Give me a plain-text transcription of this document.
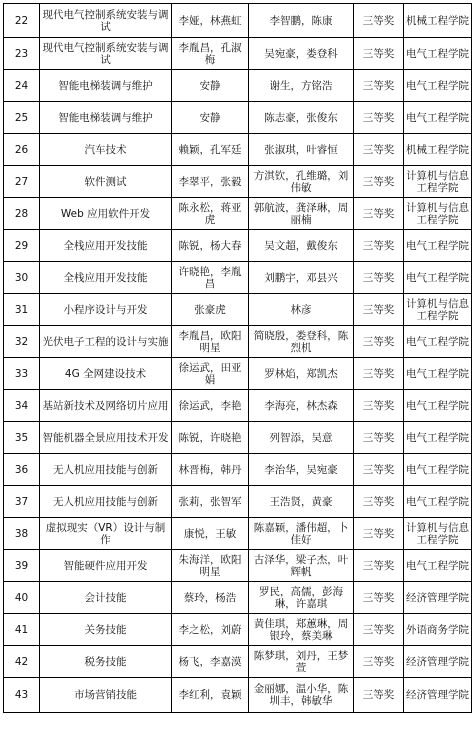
22	现代电气控制系统安装与调试	李娅，林燕虹	李智鹏，陈康	三等奖	机械工程学院
23	现代电气控制系统安装与调试	李胤昌，孔淑梅	吴宛豪，娄登科	三等奖	电气工程学院
24	智能电梯装调与维护	安静	谢生，方铭浩	三等奖	电气工程学院
25	智能电梯装调与维护	安静	陈志豪，张俊东	三等奖	电气工程学院
26	汽车技术	赖颖，孔军廷	张淑琪，叶睿恒	三等奖	机械工程学院
27	软件测试	李翠平，张毅	方淇钦，孔维璐，刘伟敏	三等奖	计算机与信息工程学院
28	Web 应用软件开发	陈永松，蒋亚虎	郭航波，龚泽琳，周丽楠	三等奖	计算机与信息工程学院
29	全栈应用开发技能	陈锐，杨大春	吴文超，戴俊东	三等奖	电气工程学院
30	全栈应用开发技能	许晓艳，李胤昌	刘鹏宇，邓县兴	三等奖	电气工程学院
31	小程序设计与开发	张豪虎	林彦	三等奖	计算机与信息工程学院
32	光伏电子工程的设计与实施	李胤昌，欧阳明星	简晓殷，娄登科，陈烈机	三等奖	电气工程学院
33	4G 全网建设技术	徐运武，田亚娟	罗林焰，郑凯杰	三等奖	电气工程学院
34	基站新技术及网络切片应用	徐运武，李艳	李海亮，林杰森	三等奖	电气工程学院
35	智能机器全景应用技术开发	陈锐，许晓艳	列智添，吴意	三等奖	电气工程学院
36	无人机应用技能与创新	林晋梅，韩丹	李治华，吴宛豪	三等奖	电气工程学院
37	无人机应用技能与创新	张莉，张智军	王浩贤，黄豪	三等奖	电气工程学院
38	虚拟现实（VR）设计与制作	康悦，王敏	陈嘉颖，潘伟超，卜佳好	三等奖	计算机与信息工程学院
39	智能硬件应用开发	朱海洋，欧阳明星	古泽华，梁子杰，叶辉帆	三等奖	电气工程学院
40	会计技能	蔡玲，杨浩	罗民，高儒，彭海琳，许嘉琪	三等奖	经济管理学院
41	关务技能	李之松，刘蔚	黄佳琪，郑蕙琳，周银玲，蔡美琳	三等奖	外语商务学院
42	税务技能	杨飞，李嘉漠	陈梦琪，刘丹，王梦萱	三等奖	经济管理学院
43	市场营销技能	李红利，袁颖	金丽娜，温小华，陈圳丰，韩敏华	三等奖	经济管理学院
